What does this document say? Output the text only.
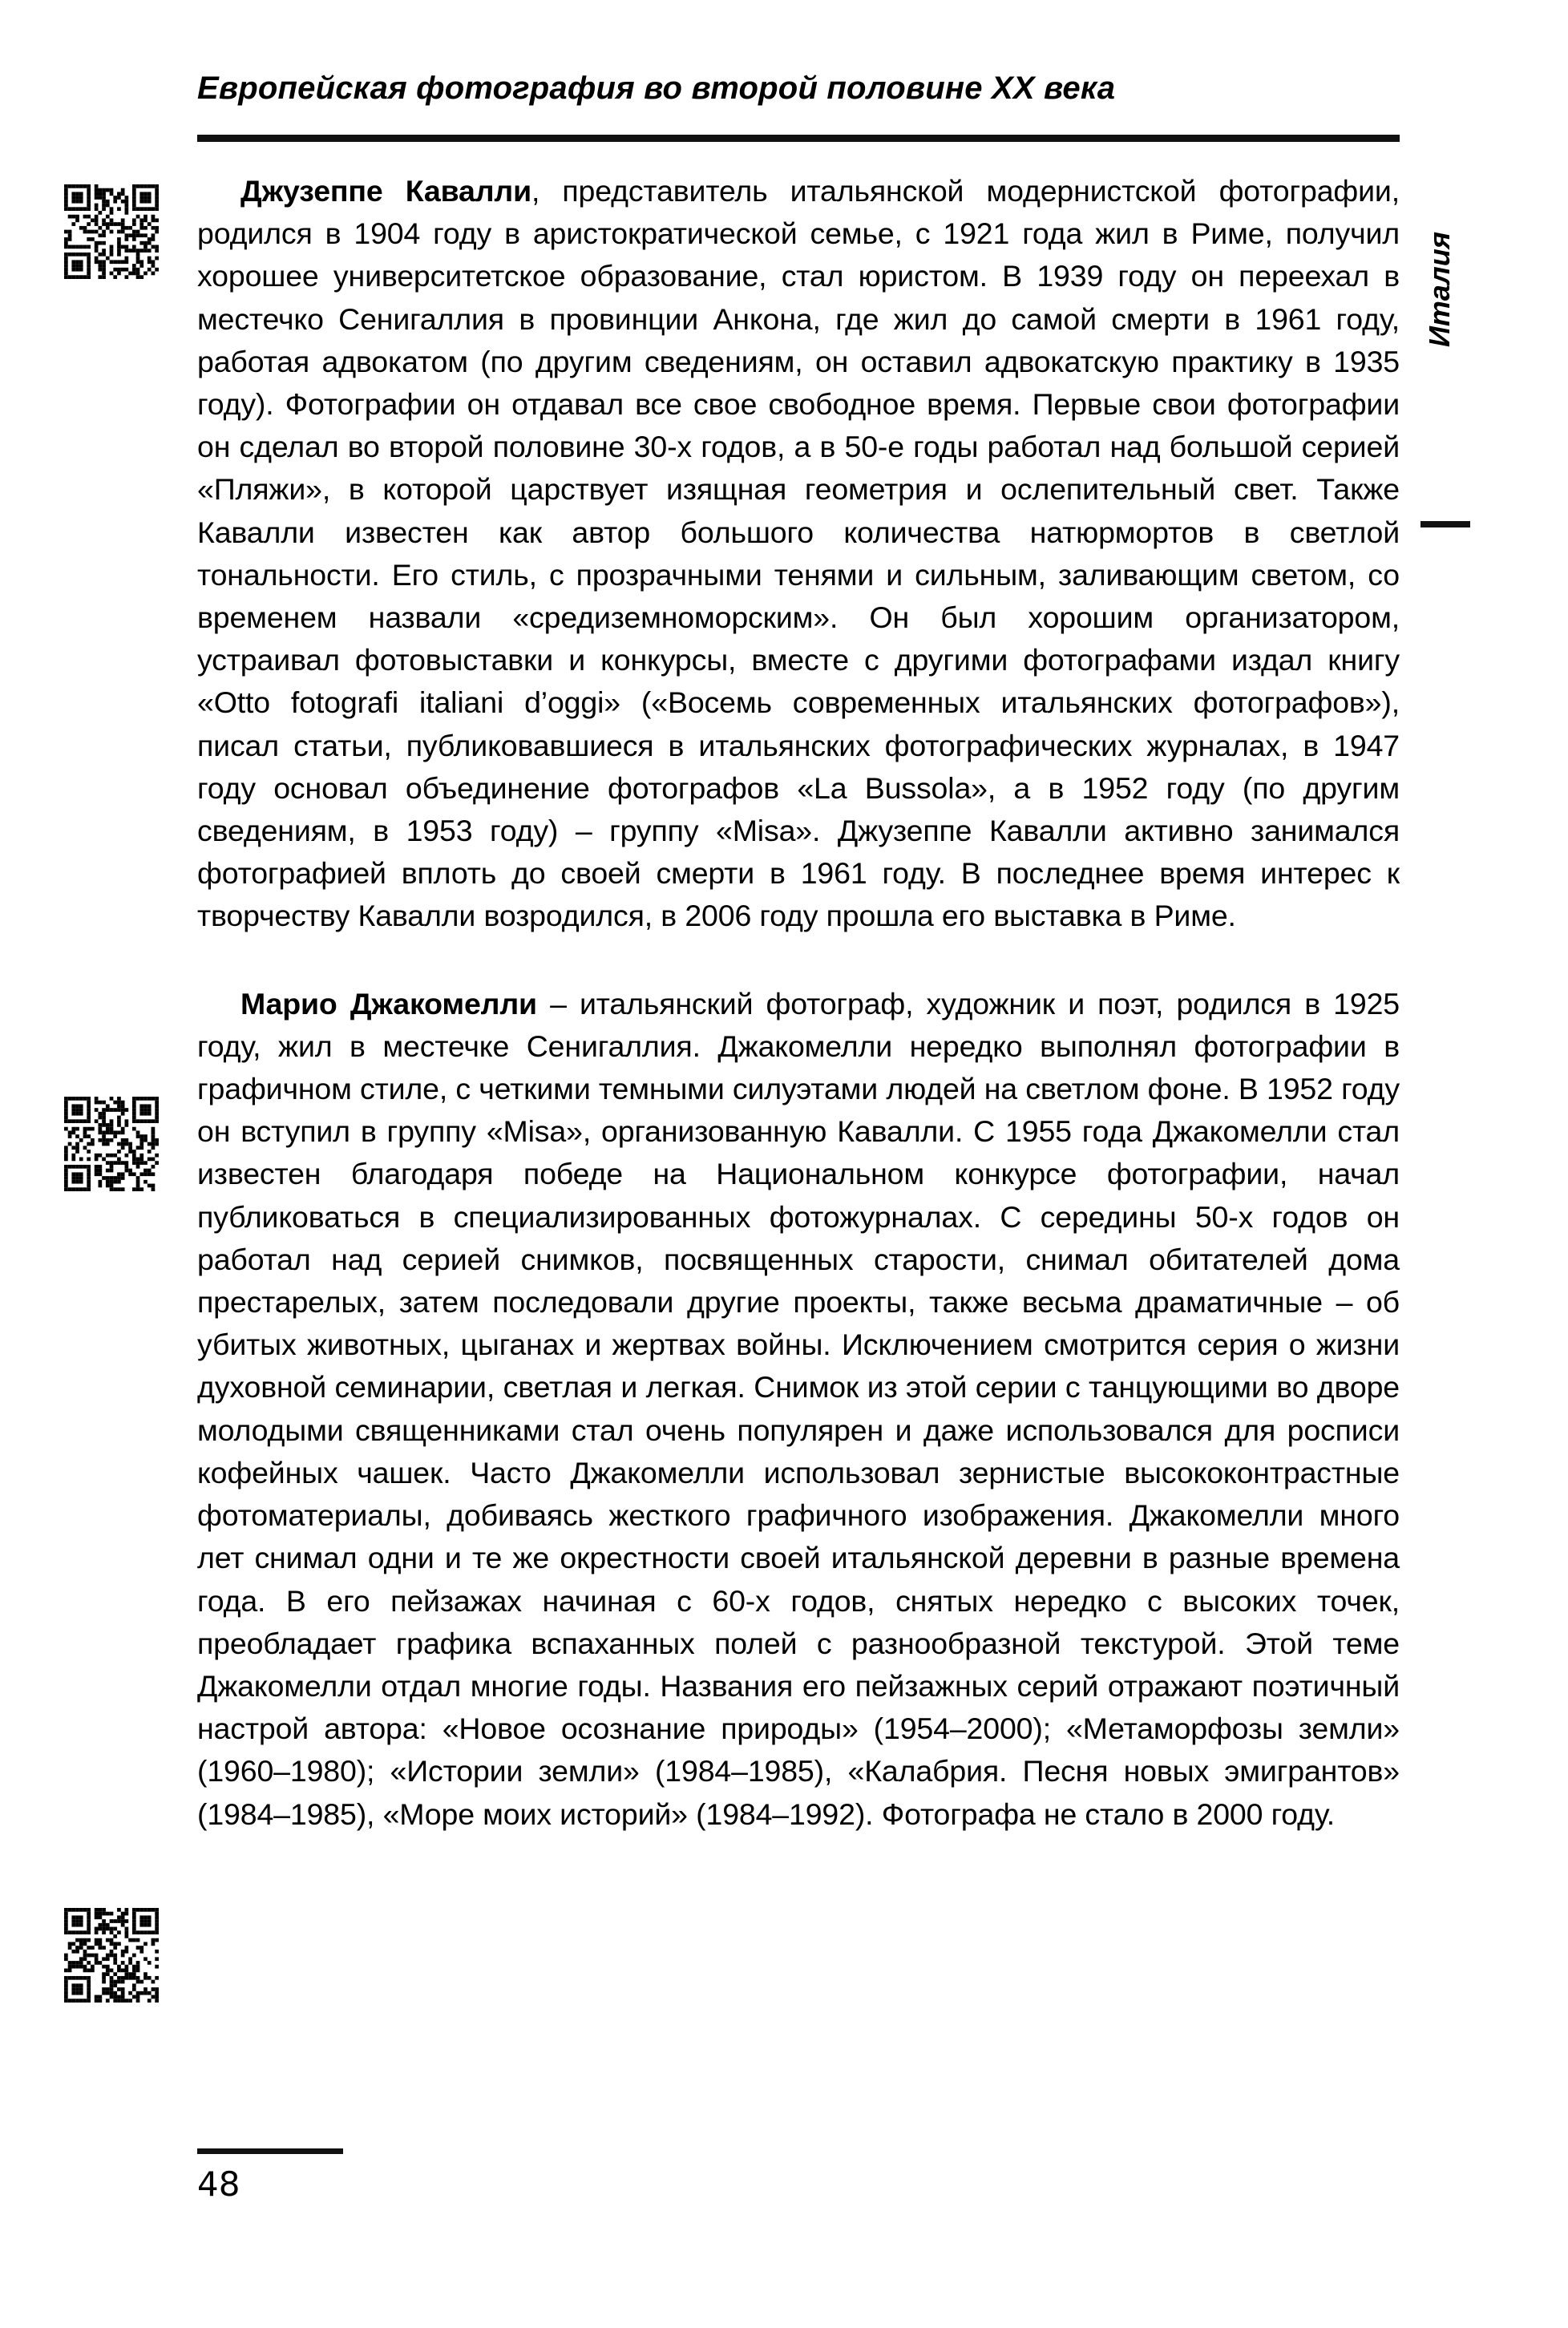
Европейская фотография во второй половине XX века
Италия

Джузеппе Кавалли, представитель итальянской модернистской фотографии, родился в 1904 году в аристократической семье, с 1921 года жил в Риме, получил хорошее университетское образование, стал юристом. В 1939 году он переехал в местечко Сенигаллия в провинции Анкона, где жил до самой смерти в 1961 году, работая адвокатом (по другим сведениям, он оставил адвокатскую практику в 1935 году). Фотографии он отдавал все свое свободное время. Первые свои фотографии он сделал во второй половине 30-х годов, а в 50-е годы работал над большой серией «Пляжи», в которой царствует изящная геометрия и ослепительный свет. Также Кавалли известен как автор большого количества натюрмортов в светлой тональности. Его стиль, с прозрачными тенями и сильным, заливающим светом, со временем назвали «средиземноморским». Он был хорошим организатором, устраивал фотовыставки и конкурсы, вместе с другими фотографами издал книгу «Otto fotografi italiani d’oggi» («Восемь современных итальянских фотографов»), писал статьи, публиковавшиеся в итальянских фотографических журналах, в 1947 году основал объединение фотографов «La Bussola», а в 1952 году (по другим сведениям, в 1953 году) – группу «Misa». Джузеппе Кавалли активно занимался фотографией вплоть до своей смерти в 1961 году. В последнее время интерес к творчеству Кавалли возродился, в 2006 году прошла его выставка в Риме.

Марио Джакомелли – итальянский фотограф, художник и поэт, родился в 1925 году, жил в местечке Сенигаллия. Джакомелли нередко выполнял фотографии в графичном стиле, с четкими темными силуэтами людей на светлом фоне. В 1952 году он вступил в группу «Misa», организованную Кавалли. С 1955 года Джакомелли стал известен благодаря победе на Национальном конкурсе фотографии, начал публиковаться в специализированных фотожурналах. С середины 50-х годов он работал над серией снимков, посвященных старости, снимал обитателей дома престарелых, затем последовали другие проекты, также весьма драматичные – об убитых животных, цыганах и жертвах войны. Исключением смотрится серия о жизни духовной семинарии, светлая и легкая. Снимок из этой серии с танцующими во дворе молодыми священниками стал очень популярен и даже использовался для росписи кофейных чашек. Часто Джакомелли использовал зернистые высококонтрастные фотоматериалы, добиваясь жесткого графичного изображения. Джакомелли много лет снимал одни и те же окрестности своей итальянской деревни в разные времена года. В его пейзажах начиная с 60-х годов, снятых нередко с высоких точек, преобладает графика вспаханных полей с разнообразной текстурой. Этой теме Джакомелли отдал многие годы. Названия его пейзажных серий отражают поэтичный настрой автора: «Новое осознание природы» (1954–2000); «Метаморфозы земли» (1960–1980); «Истории земли» (1984–1985), «Калабрия. Песня новых эмигрантов» (1984–1985), «Море моих историй» (1984–1992). Фотографа не стало в 2000 году.

48
